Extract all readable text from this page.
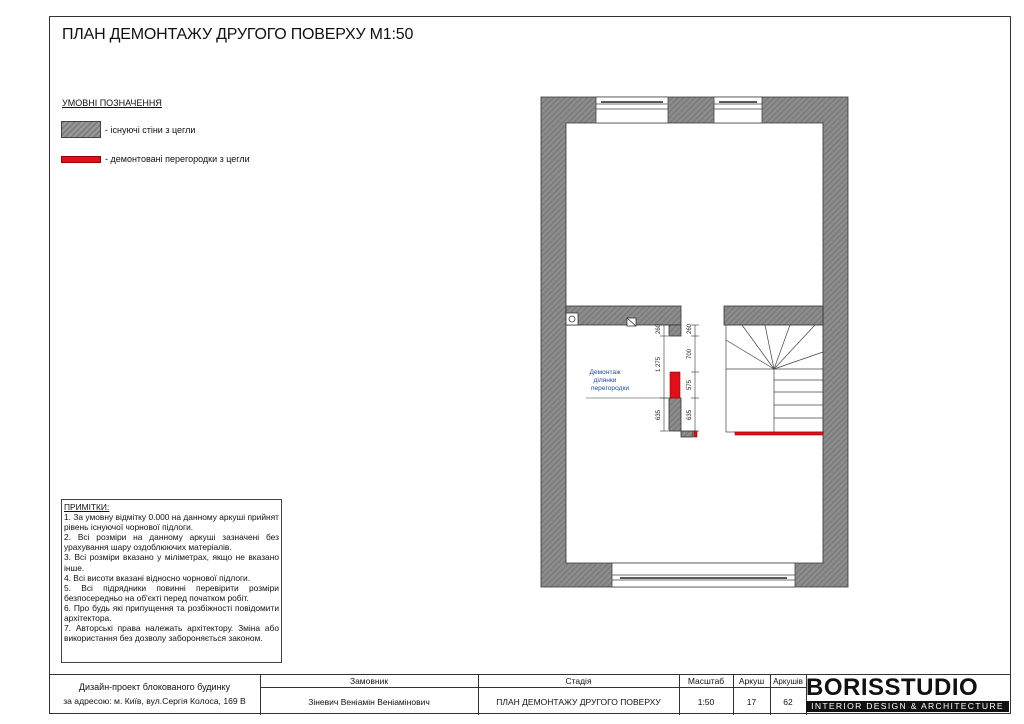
ПЛАН ДЕМОНТАЖУ ДРУГОГО ПОВЕРХУ М1:50
УМОВНІ ПОЗНАЧЕННЯ
- існуючі стіни з цегли
- демонтовані перегородки з цегли
260
1 275
635
260
700
575
635
Демонтаж
ділянки
перегородки
ПРИМІТКИ:
1. За умовну відмітку 0.000 на данному аркуші прийнят рівень існуючої чорнової підлоги.
2. Всі розміри на данному аркуші зазначені без урахування шару оздоблюючих матеріалів.
3. Всі розміри вказано у міліметрах, якщо не вказано інше.
4. Всі висоти вказані відносно чорнової підлоги.
5. Всі підрядники повинні перевірити розміри безпосередньо на об'єкті перед початком робіт.
6. Про будь які припущення та розбіжності повідомити архітектора.
7. Авторські права належать архітектору. Зміна або використання без дозволу забороняється законом.
Дизайн-проект блокованого будинку
за адресою: м. Київ, вул.Сергія Колоса, 169 В
Замовник
Зіневич Веніамін Веніамінович
Стадія
ПЛАН ДЕМОНТАЖУ ДРУГОГО ПОВЕРХУ
Масштаб
1:50
Аркуш
17
Аркушів
62
BORISSTUDIO
INTERIOR DESIGN & ARCHITECTURE
